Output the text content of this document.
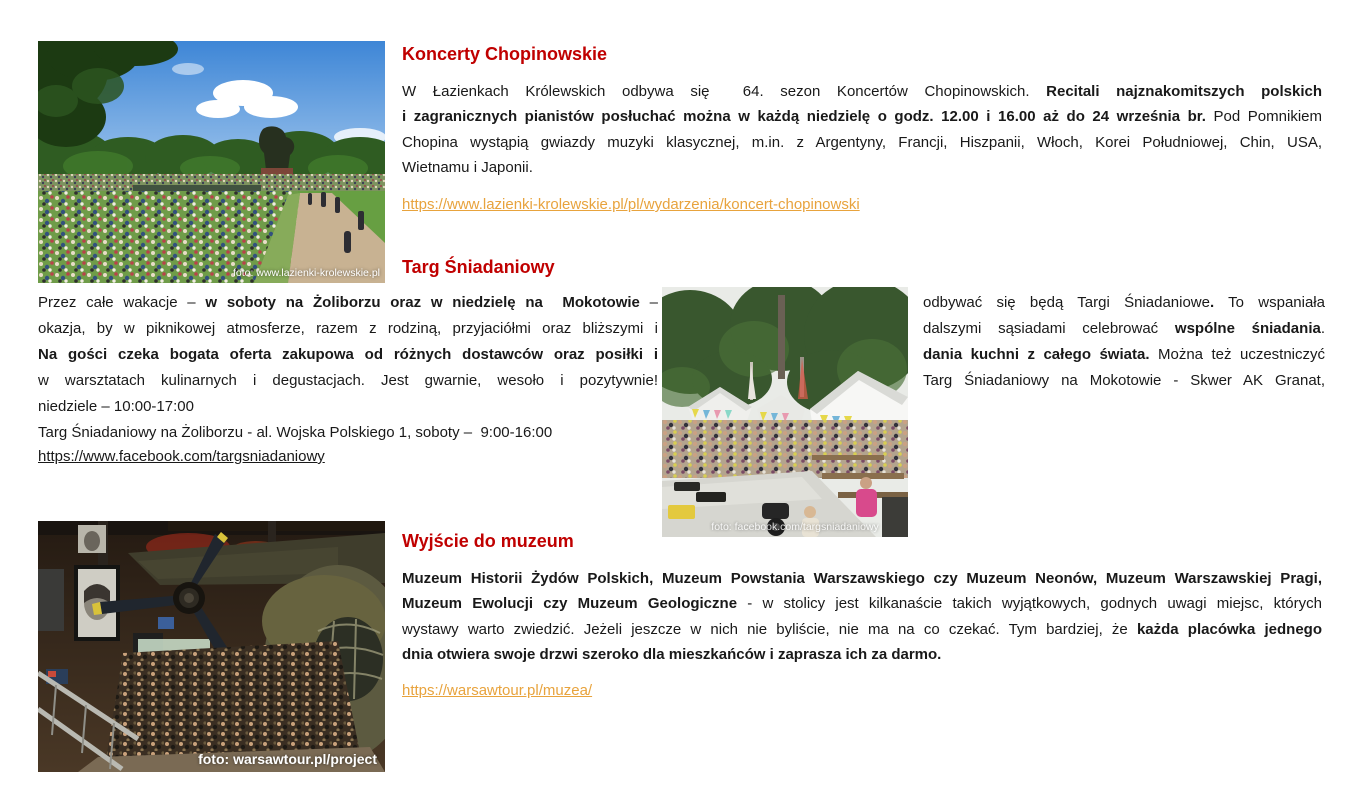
foto: www.lazienki-krolewskie.pl
Koncerty Chopinowskie
W Łazienkach Królewskich odbywa się  64. sezon Koncertów Chopinowskich. Recitali najznakomitszych polskich
i zagranicznych pianistów posłuchać można w każdą niedzielę o godz. 12.00 i 16.00 aż do 24 września br. Pod Pomnikiem
Chopina wystąpią gwiazdy muzyki klasycznej, m.in. z Argentyny, Francji, Hiszpanii, Włoch, Korei Południowej, Chin, USA,
Wietnamu i Japonii.
https://www.lazienki-krolewskie.pl/pl/wydarzenia/koncert-chopinowski
Targ Śniadaniowy
Przez całe wakacje – w soboty na Żoliborzu oraz w niedzielę na  Mokotowie –
okazja, by w piknikowej atmosferze, razem z rodziną, przyjaciółmi oraz bliższymi i
Na gości czeka bogata oferta zakupowa od różnych dostawców oraz posiłki i
w warsztatach kulinarnych i degustacjach. Jest gwarnie, wesoło i pozytywnie!
niedziele – 10:00-17:00
Targ Śniadaniowy na Żoliborzu - al. Wojska Polskiego 1, soboty –  9:00-16:00
foto: facebook.com/targsniadaniowy
odbywać się będą Targi Śniadaniowe. To wspaniała
dalszymi sąsiadami celebrować wspólne śniadania.
dania kuchni z całego świata. Można też uczestniczyć
Targ Śniadaniowy na Mokotowie - Skwer AK Granat,
https://www.facebook.com/targsniadaniowy
foto: warsawtour.pl/project
Wyjście do muzeum
Muzeum Historii Żydów Polskich, Muzeum Powstania Warszawskiego czy Muzeum Neonów, Muzeum Warszawskiej Pragi,
Muzeum Ewolucji czy Muzeum Geologiczne - w stolicy jest kilkanaście takich wyjątkowych, godnych uwagi miejsc, których
wystawy warto zwiedzić. Jeżeli jeszcze w nich nie byliście, nie ma na co czekać. Tym bardziej, że każda placówka jednego
dnia otwiera swoje drzwi szeroko dla mieszkańców i zaprasza ich za darmo.
https://warsawtour.pl/muzea/
